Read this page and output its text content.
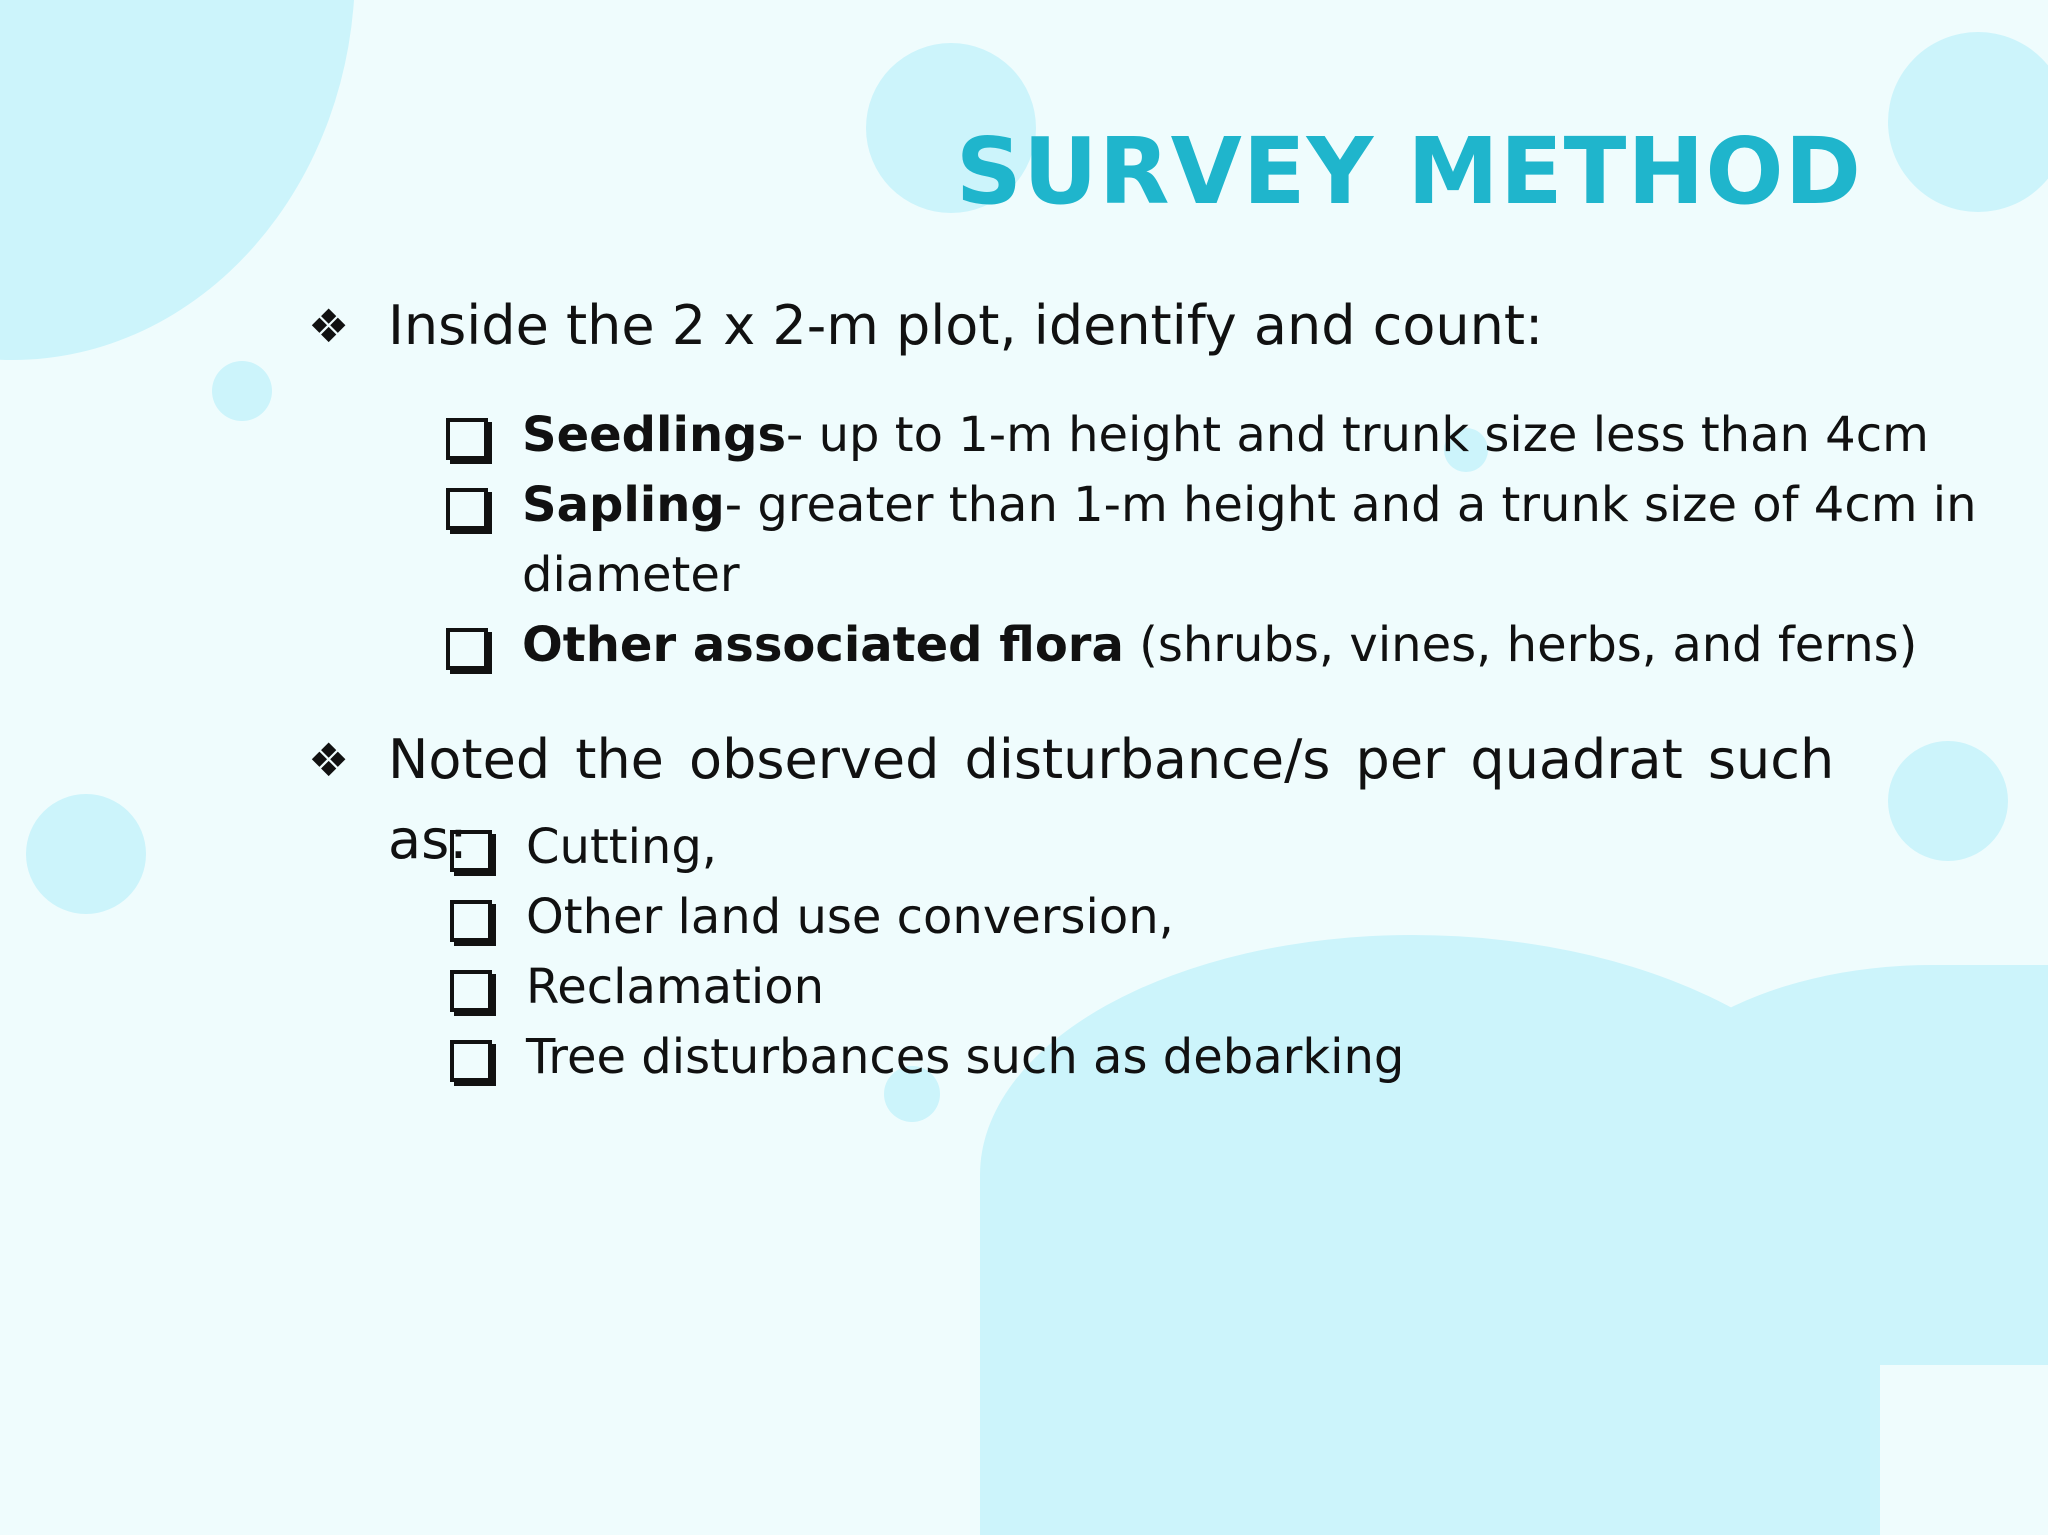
SURVEY METHOD
❖ Inside the 2 x 2-m plot, identify and count:
Seedlings- up to 1-m height and trunk size less than 4cm
Sapling- greater than 1-m height and a trunk size of 4cm in diameter
Other associated flora (shrubs, vines, herbs, and ferns)
❖ Noted the observed disturbance/s per quadrat such
as:	Cutting,
Other land use conversion,
Reclamation
Tree disturbances such as debarking
